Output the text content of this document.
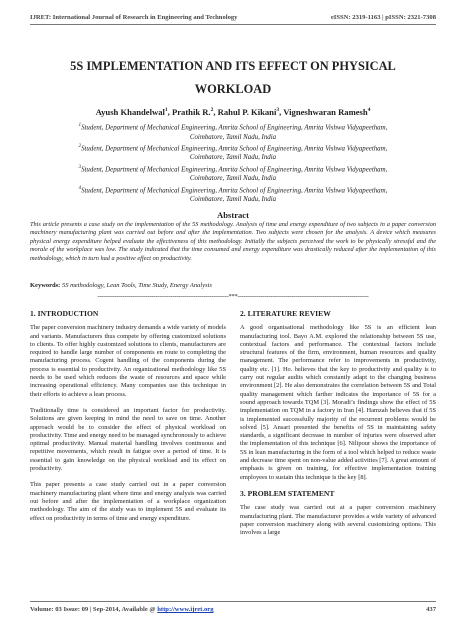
IJRET: International Journal of Research in Engineering and Technology	eISSN: 2319-1163 | pISSN: 2321-7308
5S IMPLEMENTATION AND ITS EFFECT ON PHYSICAL
WORKLOAD
Ayush Khandelwal$^1$, Prathik R.$^2$, Rahul P. Kikani$^3$, Vigneshwaran Ramesh$^4$
$^1$Student, Department of Mechanical Engineering, Amrita School of Engineering, Amrita Vishwa Vidyapeetham,
Coimbatore, Tamil Nadu, India
$^2$Student, Department of Mechanical Engineering, Amrita School of Engineering, Amrita Vishwa Vidyapeetham,
Coimbatore, Tamil Nadu, India
$^3$Student, Department of Mechanical Engineering, Amrita School of Engineering, Amrita Vishwa Vidyapeetham,
Coimbatore, Tamil Nadu, India
$^4$Student, Department of Mechanical Engineering, Amrita School of Engineering, Amrita Vishwa Vidyapeetham,
Coimbatore, Tamil Nadu, India
Abstract
This article presents a case study on the implementation of the 5S methodology. Analysis of time and energy expenditure of two subjects in a paper conversion machinery manufacturing plant was carried out before and after the implementation. Two subjects were chosen for the analysis. A device which measures physical energy expenditure helped evaluate the effectiveness of this methodology. Initially the subjects perceived the work to be physically stressful and the morale of the workplace was low. The study indicated that the time consumed and energy expenditure was drastically reduced after the implementation of this methodology, which in turn had a positive effect on productivity.
Keywords: 5S methodology, Lean Tools, Time Study, Energy Analysis
--------------------------------------------------------------------***--------------------------------------------------------------------
1. INTRODUCTION

The paper conversion machinery industry demands a wide variety of models and variants. Manufacturers thus compete by offering customized solutions to clients. To offer highly customized solutions to clients, manufacturers are required to handle large number of components en route to completing the manufacturing process. Cogent handling of the components during the process is essential to productivity. An organizational methodology like 5S needs to be used which reduces the waste of resources and space while increasing operational efficiency. Many companies use this technique in their efforts to achieve a lean process.

Traditionally time is considered an important factor for productivity. Solutions are given keeping in mind the need to save on time. Another approach would be to consider the effect of physical workload on productivity. Time and energy need to be managed synchronously to achieve optimal productivity. Manual material handling involves continuous and repetitive movements, which result in fatigue over a period of time. It is essential to gain knowledge on the physical workload and its effect on productivity.

This paper presents a case study carried out in a paper conversion machinery manufacturing plant where time and energy analysis was carried out before and after the implementation of a workplace organization methodology. The aim of the study was to implement 5S and evaluate its effect on productivity in terms of time and energy expenditure.

2. LITERATURE REVIEW

A good organisational methodology like 5S is an efficient lean manufacturing tool. Bayo A.M. explored the relationship between 5S use, contextual factors and performance. The contextual factors include structural features of the firm, environment, human resources and quality management. The performance refer to improvements in productivity, quality etc. [1]. Ho. believes that the key to productivity and quality is to carry out regular audits which constantly adapt to the changing business environment [2]. He also demonstrates the correlation between 5S and Total quality management which farther indicates the importance of 5S for a sound approach towards TQM [3]. Moradi’s findings show the effect of 5S implementation on TQM in a factory in Iran [4]. Hamzah believes that if 5S is implemented successfully majority of the recurrent problems would be solved [5]. Ansari presented the benefits of 5S in maintaining safety standards, a significant decrease in number of injuries were observed after the implementation of this technique [6]. Nilipour shows the importance of 5S in lean manufacturing in the form of a tool which helped to reduce waste and decrease time spent on non-value added activities [7]. A great amount of emphasis is given on training, for effective implementation training employees to sustain this technique is the key [8].

3. PROBLEM STATEMENT

The case study was carried out at a paper conversion machinery manufacturing plant. The manufacturer provides a wide variety of advanced paper conversion machinery along with several customizing options. This involves a large

Volume: 03 Issue: 09 | Sep-2014, Available @ http://www.ijret.org	437
